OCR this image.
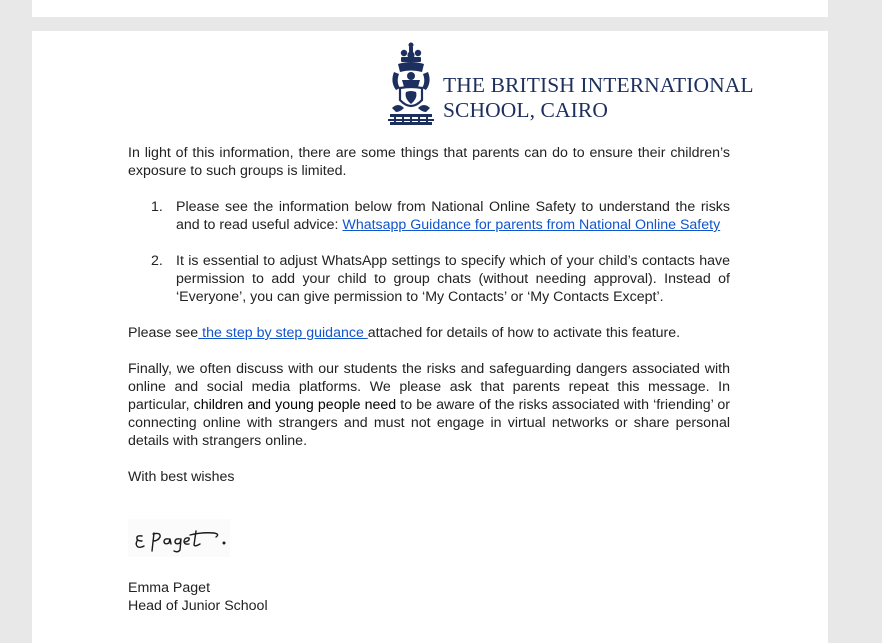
THE BRITISH INTERNATIONAL
SCHOOL, CAIRO

In light of this information, there are some things that parents can do to ensure their children’s exposure to such groups is limited.

1. Please see the information below from National Online Safety to understand the risks and to read useful advice: Whatsapp Guidance for parents from National Online Safety
2. It is essential to adjust WhatsApp settings to specify which of your child’s contacts have permission to add your child to group chats (without needing approval). Instead of ‘Everyone’, you can give permission to ‘My Contacts’ or ‘My Contacts Except’.

Please see the step by step guidance attached for details of how to activate this feature.

Finally, we often discuss with our students the risks and safeguarding dangers associated with online and social media platforms. We please ask that parents repeat this message. In particular, children and young people need to be aware of the risks associated with ‘friending’ or connecting online with strangers and must not engage in virtual networks or share personal details with strangers online.

With best wishes

Emma Paget
Head of Junior School
